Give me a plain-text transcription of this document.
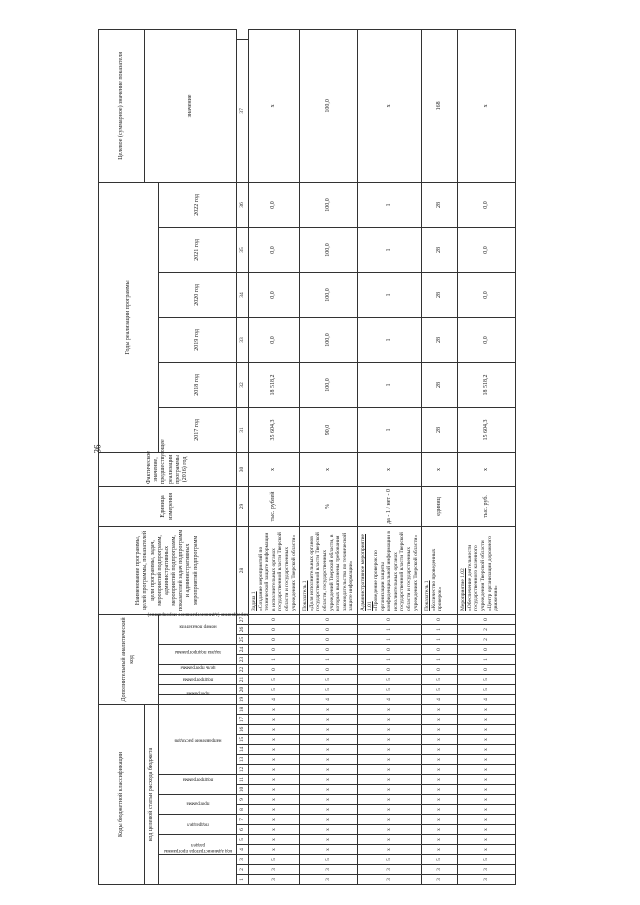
36
Коды бюджетной классификации																		Дополнительный аналитический код									Наименование программы, целей программы, показателей цели программы, задач, мероприятий подпрограмм, административных мероприятий подпрограмм, показателей задач подпрограмм и административных мероприятий подпрограмм	Единица измерения	Фактическое значение, предшествующее реализации программы (2016) год	Годы реализации программы						Целевое (суммарное) значение показателя
код целевой статьи расхода бюджета																																				значение
код администратора программы			раздел		подраздел		программа		подпрограмма		направление расходов							программа	подпрограмма	цель программы	задача подпрограммы	мероприятие (административное мероприятие)		номер показателя						2017 год	2018 год	2019 год	2020 год	2021 год	2022 год	
1	2	3	4	5	6	7	8	9	10	11	12	13	14	15	16	17	18	19	20	21	22	23	24	25	26	27	28	29	30	31	32	33	34	35	36	37
3	3	5	x	x	x	x	x	x	x	x	x	x	x	x	x	x	x	4	5	5	0	1	0	0	0	0	Задача 1 «Создание мероприятий по технической защите информации в исполнительных органах государственной власти Тверской области и государственных учреждениях Тверской области»	тыс. рублей	x	35 604,3	18 518,2	0,0	0,0	0,0	0,0	x
3	3	5	x	x	x	x	x	x	x	x	x	x	x	x	x	x	x	4	5	5	0	1	0	0	0	0	Показатель 1 «Доля исполнительных органов государственной власти Тверской области, государственных учреждений Тверской области, в которых выполнены требования законодательства по технической защите информации»	%	x	90,0	100,0	100,0	100,0	100,0	100,0	100,0
3	3	5	x	x	x	x	x	x	x	x	x	x	x	x	x	x	x	4	5	5	0	1	0	1	1	0	Административное мероприятие 1.01 «Проведение проверок по организации защиты конфиденциальной информации в исполнительных органах государственной власти Тверской области и государственных учреждениях Тверской области»	да - 1 / нет - 0	x	1	1	1	1	1	1	x
3	3	5	x	x	x	x	x	x	x	x	x	x	x	x	x	x	x	4	5	5	0	1	0	1	1	0	Показатель 1 «Количество проведенных проверок»	единиц	x	28	28	28	28	28	28	168
3	3	5	x	x	x	x	x	x	x	x	x	x	x	x	x	x	x	4	5	5	0	1	0	2	2	0	Мероприятие 1.02 «Обеспечение деятельности государственного казенного учреждения Тверской области «Центр организации дорожного движения»	тыс. руб.	x	15 604,3	18 518,2	0,0	0,0	0,0	0,0	x
